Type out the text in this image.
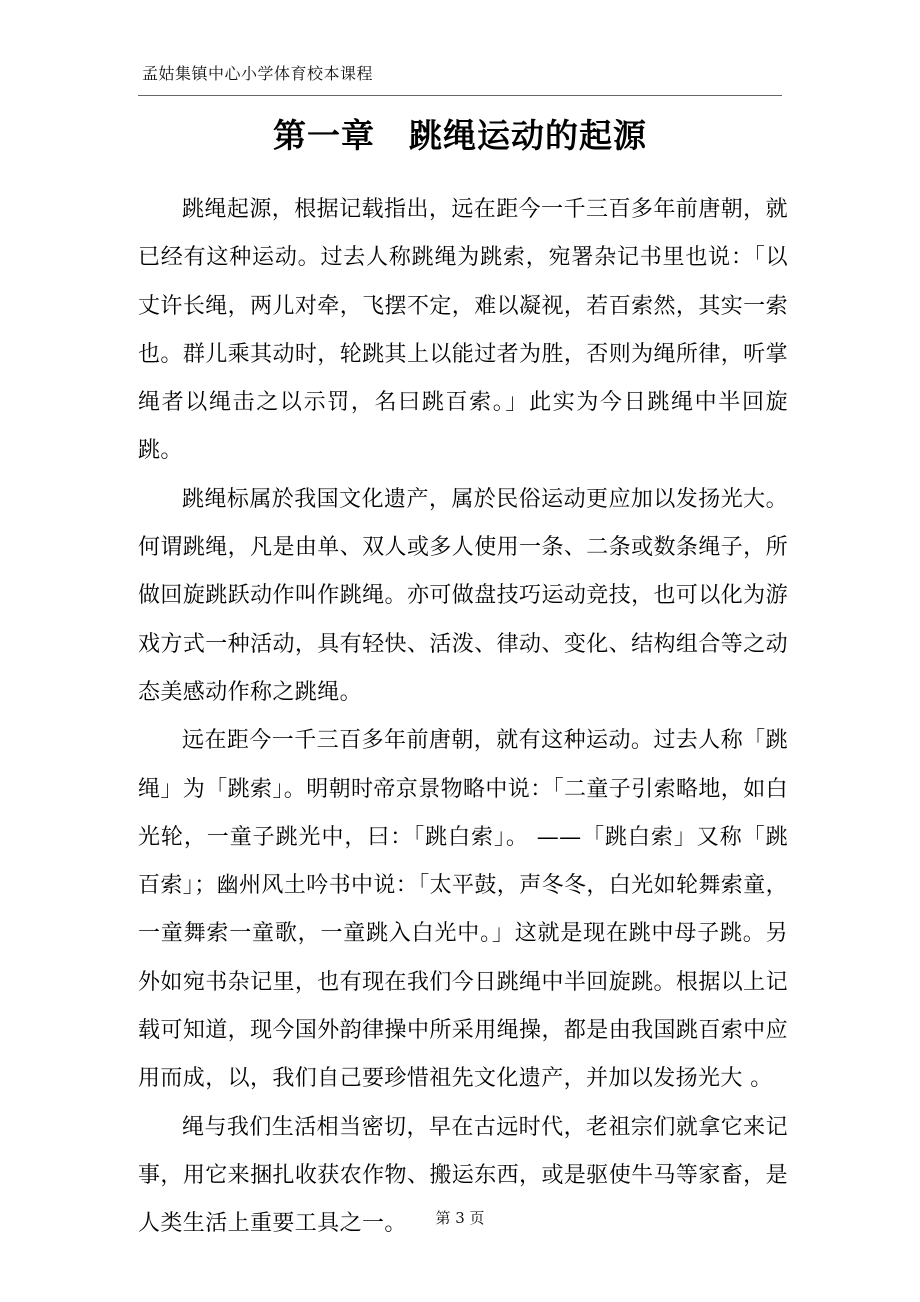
孟姑集镇中心小学体育校本课程
第一章　跳绳运动的起源

跳绳起源，根据记载指出，远在距今一千三百多年前唐朝，就已经有这种运动。过去人称跳绳为跳索，宛署杂记书里也说：「以丈许长绳，两儿对牵，飞摆不定，难以凝视，若百索然，其实一索也。群儿乘其动时，轮跳其上以能过者为胜，否则为绳所律，听掌绳者以绳击之以示罚，名曰跳百索。」此实为今日跳绳中半回旋跳。

跳绳标属於我国文化遗产，属於民俗运动更应加以发扬光大。何谓跳绳，凡是由单、双人或多人使用一条、二条或数条绳子，所做回旋跳跃动作叫作跳绳。亦可做盘技巧运动竞技，也可以化为游戏方式一种活动，具有轻快、活泼、律动、变化、结构组合等之动态美感动作称之跳绳。

远在距今一千三百多年前唐朝，就有这种运动。过去人称「跳绳」为「跳索」。明朝时帝京景物略中说：「二童子引索略地，如白光轮，一童子跳光中，曰：「跳白索」。 ——「跳白索」又称「跳百索」；幽州风土吟书中说：「太平鼓，声冬冬，白光如轮舞索童，一童舞索一童歌，一童跳入白光中。」这就是现在跳中母子跳。另外如宛书杂记里，也有现在我们今日跳绳中半回旋跳。根据以上记载可知道，现今国外韵律操中所采用绳操，都是由我国跳百索中应用而成，以，我们自己要珍惜祖先文化遗产，并加以发扬光大 。

绳与我们生活相当密切，早在古远时代，老祖宗们就拿它来记事，用它来捆扎收获农作物、搬运东西，或是驱使牛马等家畜，是人类生活上重要工具之一。	第 3 页
